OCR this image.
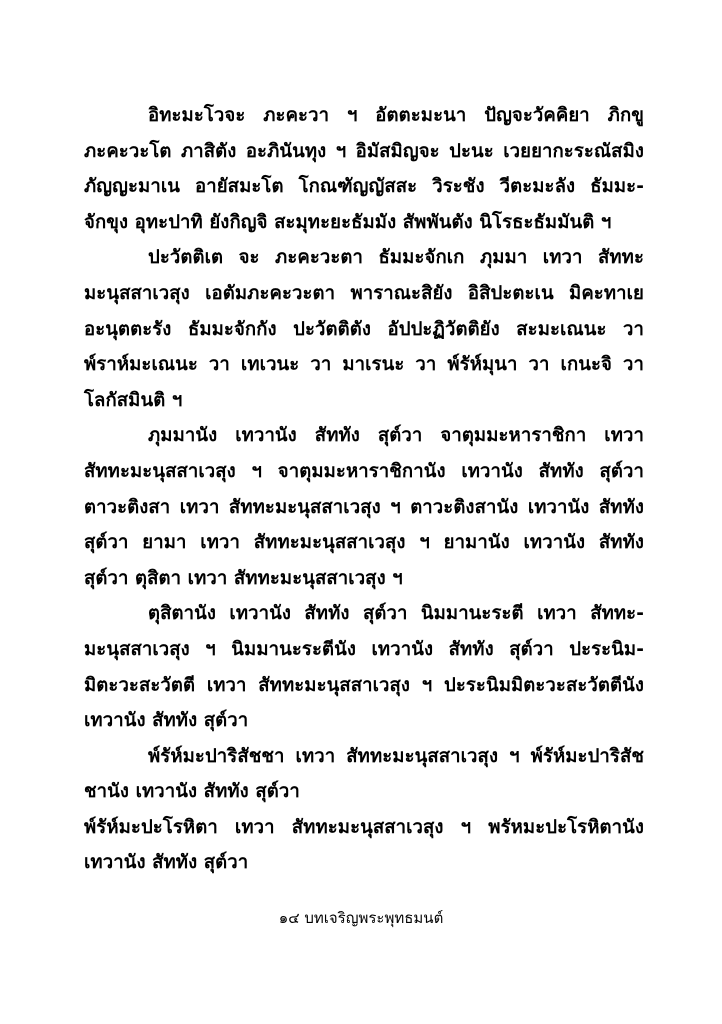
อิทะมะโวจะ ภะคะวา ฯ อัตตะมะนา ปัญจะวัคคิยา ภิกขู
ภะคะวะโต ภาสิตัง อะภินันทุง ฯ อิมัสมิญจะ ปะนะ เวยยากะระณัสมิง
ภัญญะมาเน อายัสมะโต โกณฑัญญัสสะ วิระชัง วีตะมะลัง ธัมมะ-
จักขุง อุทะปาทิ ยังกิญจิ สะมุทะยะธัมมัง สัพพันตัง นิโรธะธัมมันติ ฯ
ปะวัตติเต จะ ภะคะวะตา ธัมมะจักเก ภุมมา เทวา สัททะ
มะนุสสาเวสุง เอตัมภะคะวะตา พาราณะสิยัง อิสิปะตะเน มิคะทาเย
อะนุตตะรัง ธัมมะจักกัง ปะวัตติตัง อัปปะฏิวัตติยัง สะมะเณนะ วา
พ์ราห์มะเณนะ วา เทเวนะ วา มาเรนะ วา พ์รัห์มุนา วา เกนะจิ วา
โลกัสมินติ ฯ
ภุมมานัง เทวานัง สัททัง สุต์วา จาตุมมะหาราชิกา เทวา
สัททะมะนุสสาเวสุง ฯ จาตุมมะหาราชิกานัง เทวานัง สัททัง สุต์วา
ตาวะติงสา เทวา สัททะมะนุสสาเวสุง ฯ ตาวะติงสานัง เทวานัง สัททัง
สุต์วา ยามา เทวา สัททะมะนุสสาเวสุง ฯ ยามานัง เทวานัง สัททัง
สุต์วา ตุสิตา เทวา สัททะมะนุสสาเวสุง ฯ
ตุสิตานัง เทวานัง สัททัง สุต์วา นิมมานะระตี เทวา สัททะ-
มะนุสสาเวสุง ฯ นิมมานะระตีนัง เทวานัง สัททัง สุต์วา ปะระนิม-
มิตะวะสะวัตตี เทวา สัททะมะนุสสาเวสุง ฯ ปะระนิมมิตะวะสะวัตตีนัง
เทวานัง สัททัง สุต์วา
พ์รัห์มะปาริสัชชา เทวา สัททะมะนุสสาเวสุง ฯ พ์รัห์มะปาริสัช
ชานัง เทวานัง สัททัง สุต์วา
พ์รัห์มะปะโรหิตา เทวา สัททะมะนุสสาเวสุง ฯ พรัหมะปะโรหิตานัง
เทวานัง สัททัง สุต์วา
๑๔ บทเจริญพระพุทธมนต์
